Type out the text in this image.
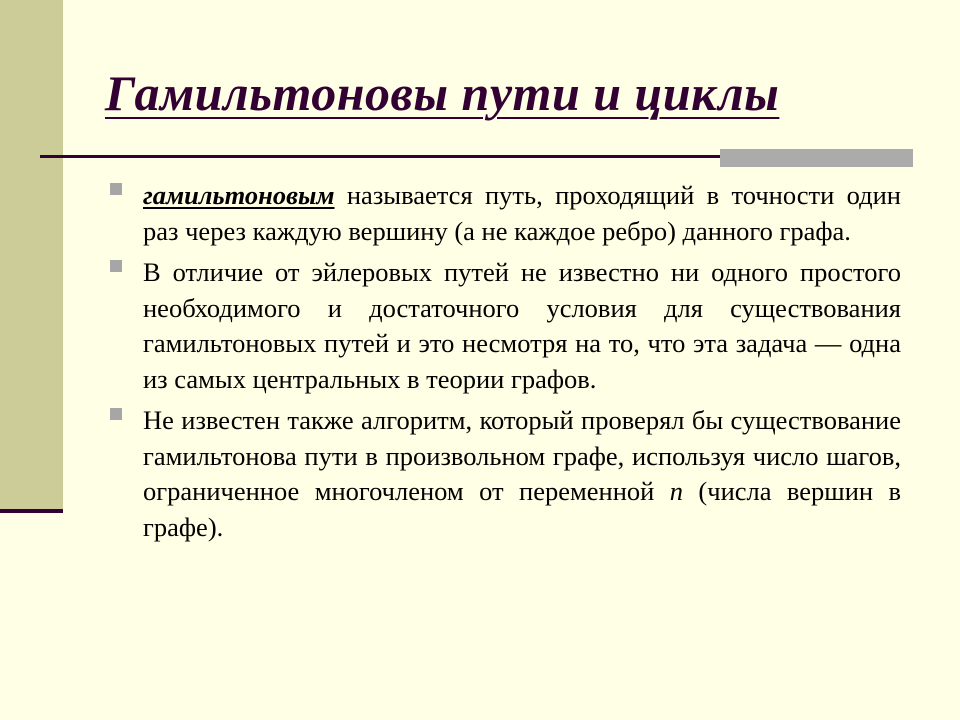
Гамильтоновы пути и циклы
гамильтоновым называется путь, проходящий в точности один раз через каждую вершину (а не каждое ребро) данного графа.
В отличие от эйлеровых путей не известно ни одного простого необходимого и достаточного условия для существования гамильтоновых путей и это несмотря на то, что эта задача — одна из самых центральных в теории графов.
Не известен также алгоритм, который проверял бы существование гамильтонова пути в произвольном графе, используя число шагов, ограниченное многочленом от переменной n (числа вершин в графе).
